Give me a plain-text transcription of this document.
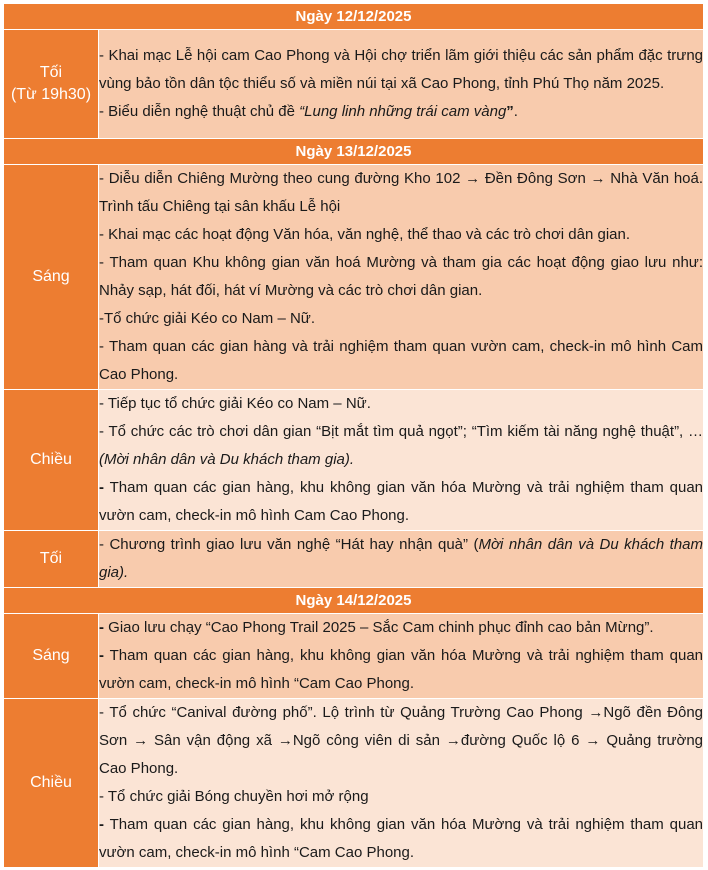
Ngày 12/12/2025	

Tối
(Từ 19h30)	- Khai mạc Lễ hội cam Cao Phong và Hội chợ triển lãm giới thiệu các sản phẩm đặc trưng vùng bảo tồn dân tộc thiểu số và miền núi tại xã Cao Phong, tỉnh Phú Thọ năm 2025.
- Biểu diễn nghệ thuật chủ đề “Lung linh những trái cam vàng”.

Ngày 13/12/2025	
Sáng	- Diễu diễn Chiêng Mường theo cung đường Kho 102 → Đền Đông Sơn → Nhà Văn hoá. Trình tấu Chiêng tại sân khấu Lễ hội
- Khai mạc các hoạt động Văn hóa, văn nghệ, thể thao và các trò chơi dân gian.
- Tham quan Khu không gian văn hoá Mường và tham gia các hoạt động giao lưu như: Nhảy sạp, hát đối, hát ví Mường và các trò chơi dân gian.
-Tổ chức giải Kéo co Nam – Nữ.
- Tham quan các gian hàng và trải nghiệm tham quan vườn cam, check-in mô hình Cam Cao Phong.

Chiều	- Tiếp tục tổ chức giải Kéo co Nam – Nữ.
- Tổ chức các trò chơi dân gian “Bịt mắt tìm quả ngọt”; “Tìm kiếm tài năng nghệ thuật”, …(Mời nhân dân và Du khách tham gia).
- Tham quan các gian hàng, khu không gian văn hóa Mường và trải nghiệm tham quan vườn cam, check-in mô hình Cam Cao Phong.

Tối	- Chương trình giao lưu văn nghệ “Hát hay nhận quà” (Mời nhân dân và Du khách tham gia).

Ngày 14/12/2025	
Sáng	- Giao lưu chạy “Cao Phong Trail 2025 – Sắc Cam chinh phục đỉnh cao bản Mừng”.
- Tham quan các gian hàng, khu không gian văn hóa Mường và trải nghiệm tham quan vườn cam, check-in mô hình “Cam Cao Phong.

Chiều	- Tổ chức “Canival đường phố”. Lộ trình từ Quảng Trường Cao Phong →Ngõ đền Đông Sơn → Sân vận động xã →Ngõ công viên di sản →đường Quốc lộ 6 → Quảng trường Cao Phong.
- Tổ chức giải Bóng chuyền hơi mở rộng
- Tham quan các gian hàng, khu không gian văn hóa Mường và trải nghiệm tham quan vườn cam, check-in mô hình “Cam Cao Phong.
